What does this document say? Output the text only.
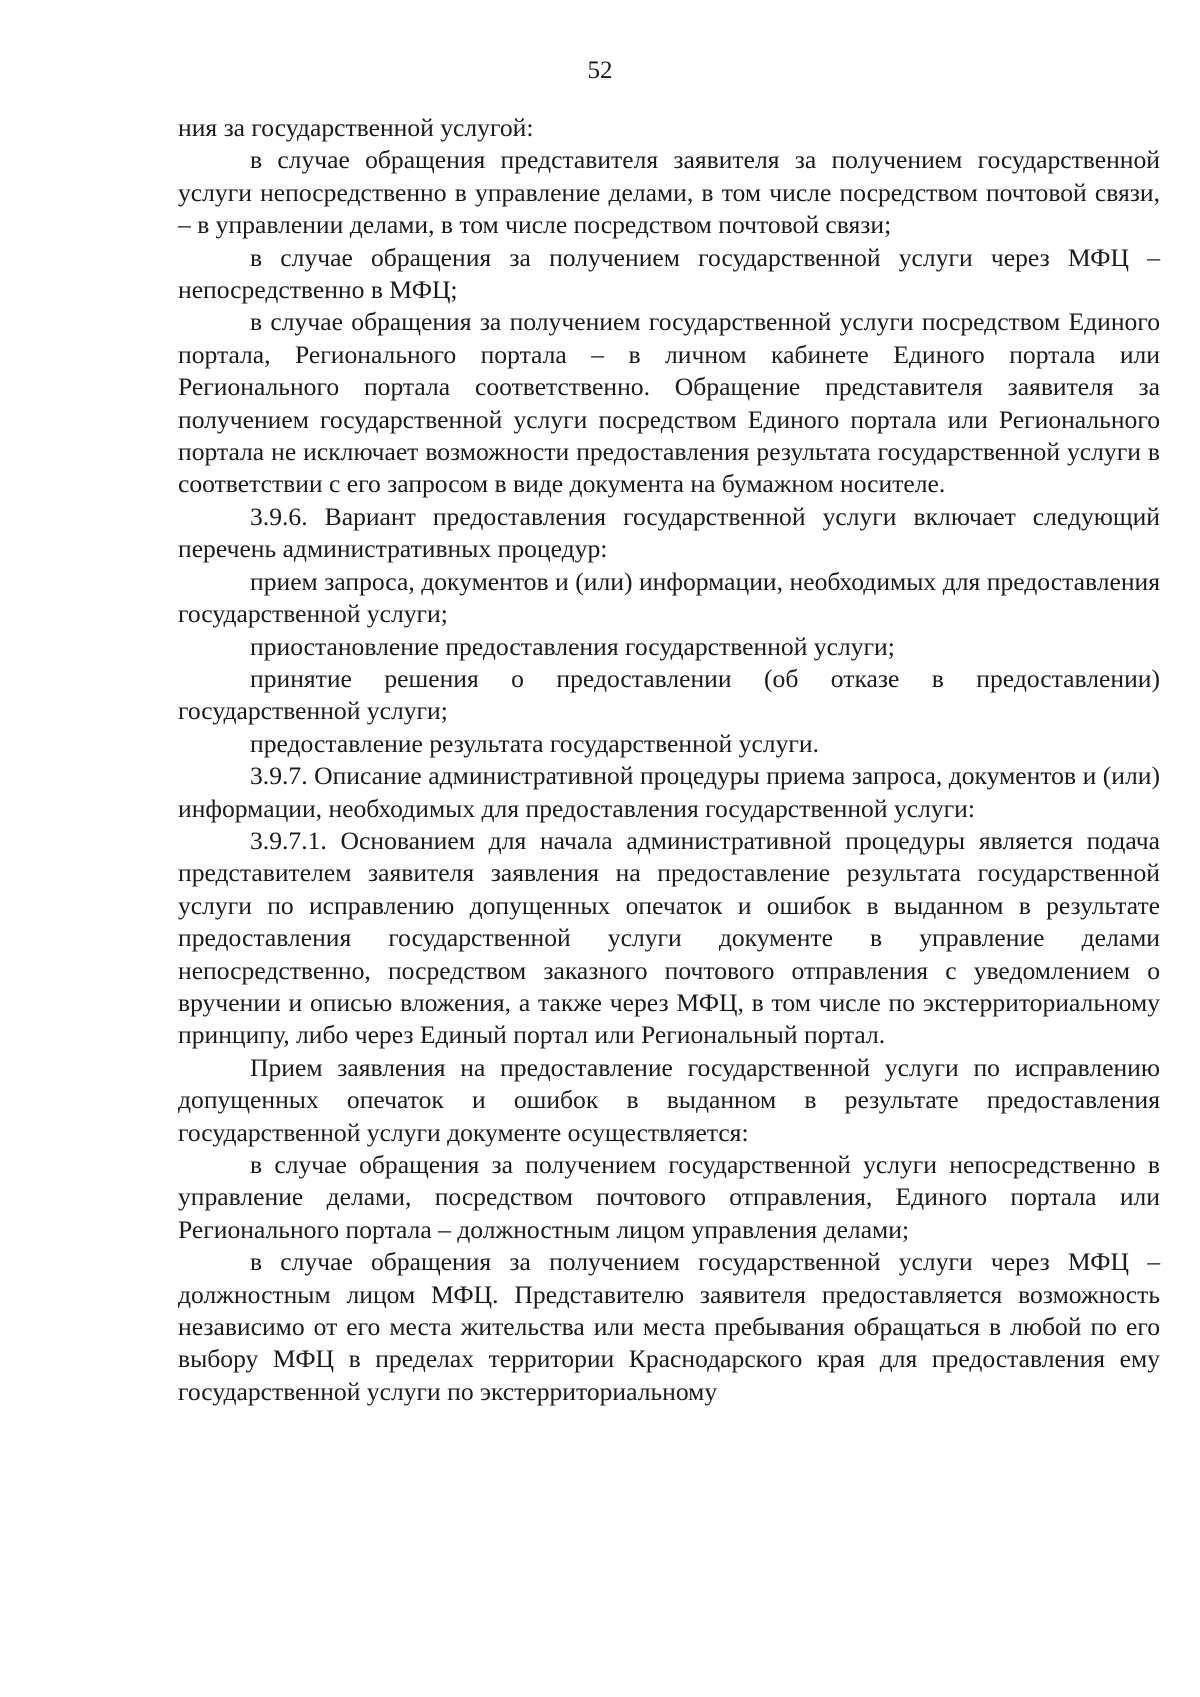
52

ния за государственной услугой:

в случае обращения представителя заявителя за получением государственной услуги непосредственно в управление делами, в том числе посредством почтовой связи, – в управлении делами, в том числе посредством почтовой связи;

в случае обращения за получением государственной услуги через МФЦ – непосредственно в МФЦ;

в случае обращения за получением государственной услуги посредством Единого портала, Регионального портала – в личном кабинете Единого портала или Регионального портала соответственно. Обращение представителя заявителя за получением государственной услуги посредством Единого портала или Регионального портала не исключает возможности предоставления результата государственной услуги в соответствии с его запросом в виде документа на бумажном носителе.

3.9.6. Вариант предоставления государственной услуги включает следующий перечень административных процедур:

прием запроса, документов и (или) информации, необходимых для предоставления государственной услуги;

приостановление предоставления государственной услуги;

принятие решения о предоставлении (об отказе в предоставлении) государственной услуги;

предоставление результата государственной услуги.

3.9.7. Описание административной процедуры приема запроса, документов и (или) информации, необходимых для предоставления государственной услуги:

3.9.7.1. Основанием для начала административной процедуры является подача представителем заявителя заявления на предоставление результата государственной услуги по исправлению допущенных опечаток и ошибок в выданном в результате предоставления государственной услуги документе в управление делами непосредственно, посредством заказного почтового отправления с уведомлением о вручении и описью вложения, а также через МФЦ, в том числе по экстерриториальному принципу, либо через Единый портал или Региональный портал.

Прием заявления на предоставление государственной услуги по исправлению допущенных опечаток и ошибок в выданном в результате предоставления государственной услуги документе осуществляется:

в случае обращения за получением государственной услуги непосредственно в управление делами, посредством почтового отправления, Единого портала или Регионального портала – должностным лицом управления делами;

в случае обращения за получением государственной услуги через МФЦ – должностным лицом МФЦ. Представителю заявителя предоставляется возможность независимо от его места жительства или места пребывания обращаться в любой по его выбору МФЦ в пределах территории Краснодарского края для предоставления ему государственной услуги по экстерриториальному
